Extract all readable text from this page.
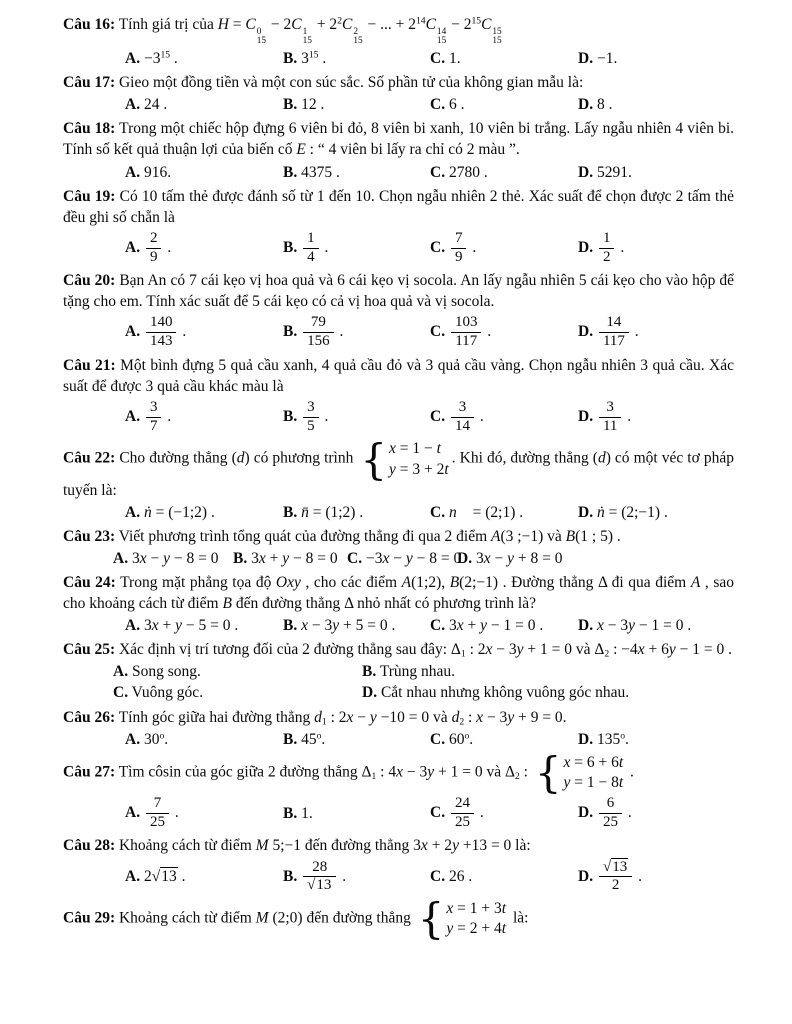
Câu 16: Tính giá trị của H = C 0
15
− 2C 1
15
+ $2^2C$ 2
15
− ... + $2^{14}C$ 14
15
− $2^{15}C$ 15
15
A. $-3^{15}$ .	B. $3^{15}$ .	C. 1.	D. −1.
Câu 17: Gieo một đồng tiền và một con súc sắc. Số phần tử của không gian mẫu là:
A. 24 .	B. 12 .	C. 6 .	D. 8 .
Câu 18: Trong một chiếc hộp đựng 6 viên bi đỏ, 8 viên bi xanh, 10 viên bi trắng. Lấy ngẫu nhiên 4 viên bi. Tính số kết quả thuận lợi của biến cố E : “ 4 viên bi lấy ra chỉ có 2 màu ”.
A. 916.	B. 4375 .	C. 2780 .	D. 5291.
Câu 19: Có 10 tấm thẻ được đánh số từ 1 đến 10. Chọn ngẫu nhiên 2 thẻ. Xác suất để chọn được 2 tấm thẻ đều ghi số chẵn là
A. $\frac{2}{9}$ .	B. $\frac{1}{4}$ .	C. $\frac{7}{9}$ .	D. $\frac{1}{2}$ .
Câu 20: Bạn An có 7 cái kẹo vị hoa quả và 6 cái kẹo vị socola. An lấy ngẫu nhiên 5 cái kẹo cho vào hộp để tặng cho em. Tính xác suất để 5 cái kẹo có cả vị hoa quả và vị socola.
A. $\frac{140}{143}$ .	B. $\frac{79}{156}$ .	C. $\frac{103}{117}$ .	D. $\frac{14}{117}$ .
Câu 21: Một bình đựng 5 quả cầu xanh, 4 quả cầu đỏ và 3 quả cầu vàng. Chọn ngẫu nhiên 3 quả cầu. Xác suất để được 3 quả cầu khác màu là
A. $\frac{3}{7}$ .	B. $\frac{3}{5}$ .	C. $\frac{3}{14}$ .	D. $\frac{3}{11}$ .
Câu 22: Cho đường thẳng (d) có phương trình
{ x = 1 − t
y = 3 + 2t
. Khi đó, đường thẳng (d) có một véc tơ pháp tuyến là:
A. ṅ = (−1;2) .	B. n̄ = (1;2) .	C. n⃗ = (2;1) .	D. ṅ = (2;−1) .
Câu 23: Viết phương trình tổng quát của đường thẳng đi qua 2 điểm A(3 ;−1) và B(1 ; 5) .
A. 3x − y − 8 = 0 B. 3x + y − 8 = 0 C. −3x − y − 8 = 0
D. 3x − y + 8 = 0
Câu 24: Trong mặt phẳng tọa độ Oxy , cho các điểm A(1;2), B(2;−1) . Đường thẳng Δ đi qua điểm A , sao cho khoảng cách từ điểm B đến đường thẳng Δ nhỏ nhất có phương trình là?
A. 3x + y − 5 = 0 .	B. x − 3y + 5 = 0 .	C. 3x + y − 1 = 0 .	D. x − 3y − 1 = 0 .
Câu 25: Xác định vị trí tương đối của 2 đường thẳng sau đây: $\Delta_1$ : 2x − 3y + 1 = 0 và $\Delta_2$ : −4x + 6y − 1 = 0 .
A. Song song.	B. Trùng nhau.
C. Vuông góc.	D. Cắt nhau nhưng không vuông góc nhau.
Câu 26: Tính góc giữa hai đường thẳng $d_1$ : 2x − y −10 = 0 và $d_2$ : x − 3y + 9 = 0.
A. 30$^o$.	B. 45$^o$.	C. 60$^o$.	D. 135$^o$.
Câu 27: Tìm côsin của góc giữa 2 đường thẳng $\Delta_1$ : 4x − 3y + 1 = 0 và $\Delta_2$ :
{ x = 6 + 6t
y = 1 − 8t
.
A. $\frac{7}{25}$ .	B. 1.	C. $\frac{24}{25}$ .	D. $\frac{6}{25}$ .
Câu 28: Khoảng cách từ điểm M 5;−1 đến đường thẳng 3x + 2y +13 = 0 là:
A. 2√13 .	B. $\frac{28}{√13}$ .	C. 26 .	D. $\frac{√13}{2}$ .
Câu 29: Khoảng cách từ điểm M (2;0) đến đường thẳng
{ x = 1 + 3t
y = 2 + 4t
là:
